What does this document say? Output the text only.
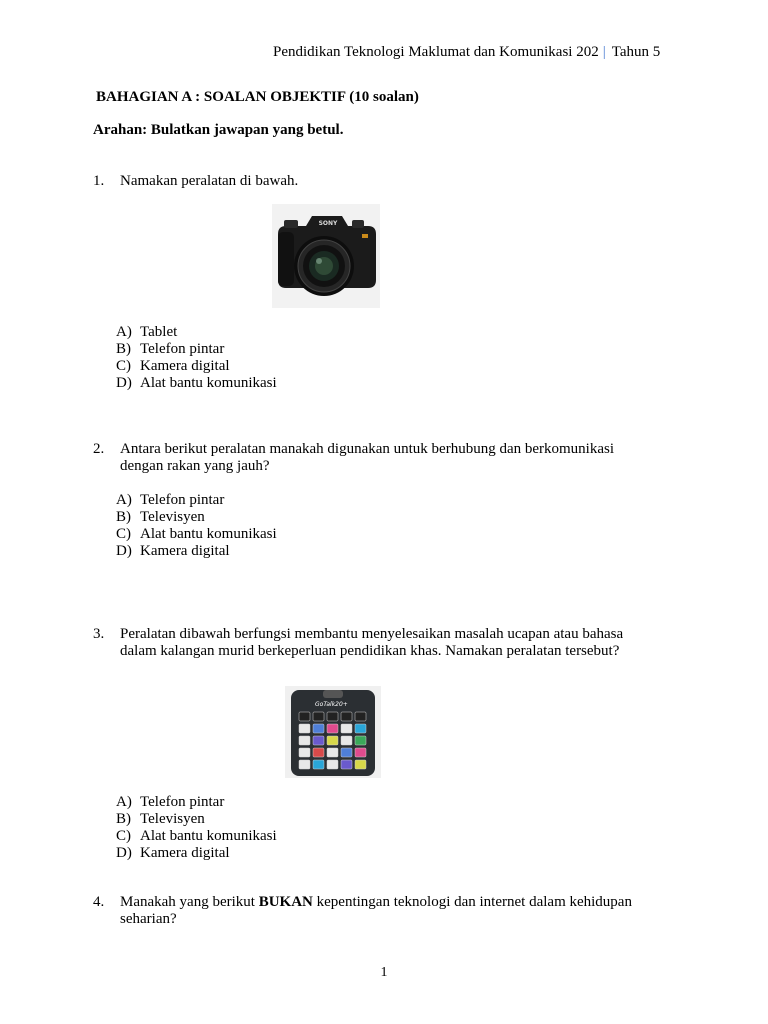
Pendidikan Teknologi Maklumat dan Komunikasi 202 | Tahun 5
BAHAGIAN A : SOALAN OBJEKTIF (10 soalan)
Arahan: Bulatkan jawapan yang betul.
1. Namakan peralatan di bawah.
SONY
A) Tablet
B) Telefon pintar
C) Kamera digital
D) Alat bantu komunikasi
2. Antara berikut peralatan manakah digunakan untuk berhubung dan berkomunikasi
dengan rakan yang jauh?
A) Telefon pintar
B) Televisyen
C) Alat bantu komunikasi
D) Kamera digital
3. Peralatan dibawah berfungsi membantu menyelesaikan masalah ucapan atau bahasa
dalam kalangan murid berkeperluan pendidikan khas. Namakan peralatan tersebut?
GoTalk20+
A) Telefon pintar
B) Televisyen
C) Alat bantu komunikasi
D) Kamera digital
4. Manakah yang berikut BUKAN kepentingan teknologi dan internet dalam kehidupan
seharian?
1
